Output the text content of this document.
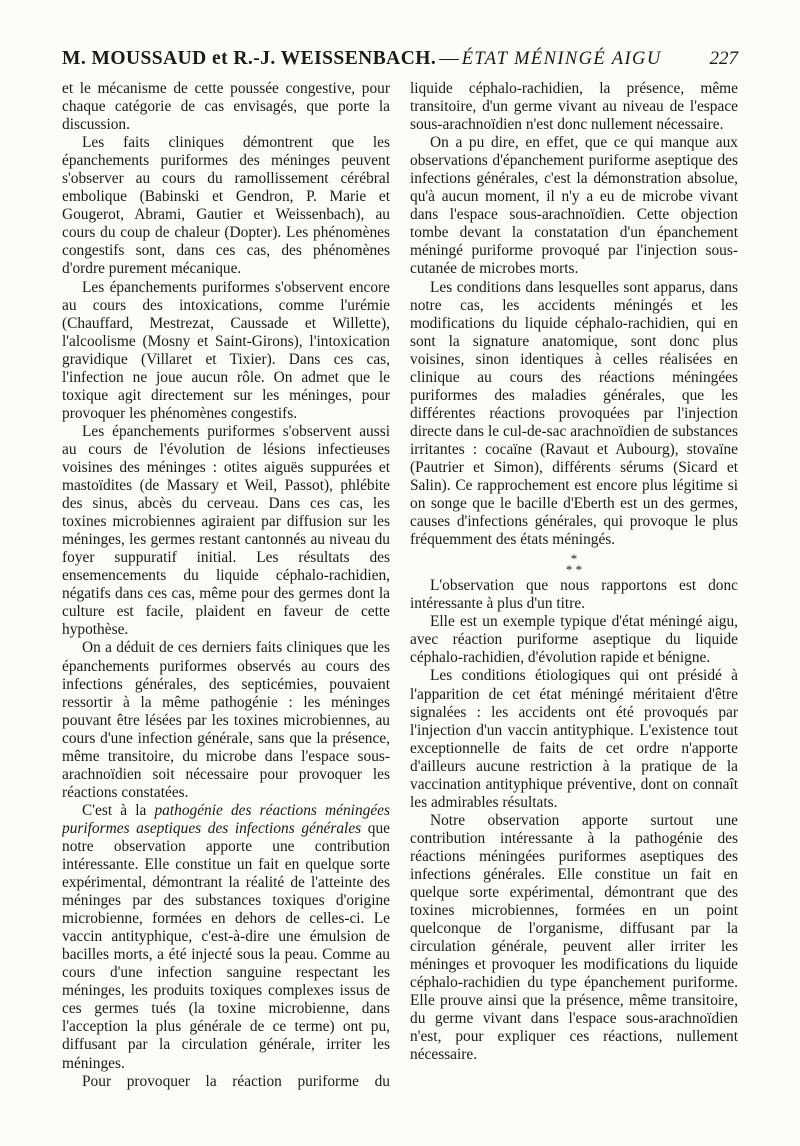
M. MOUSSAUD et R.-J. WEISSENBACH. — ÉTAT MÉNINGÉ AIGU	227

et le mécanisme de cette poussée congestive, pour chaque catégorie de cas envisagés, que porte la discussion.

Les faits cliniques démontrent que les épanchements puriformes des méninges peuvent s'observer au cours du ramollissement cérébral embolique (Babinski et Gendron, P. Marie et Gougerot, Abrami, Gautier et Weissenbach), au cours du coup de chaleur (Dopter). Les phénomènes congestifs sont, dans ces cas, des phénomènes d'ordre purement mécanique.

Les épanchements puriformes s'observent encore au cours des intoxications, comme l'urémie (Chauffard, Mestrezat, Caussade et Willette), l'alcoolisme (Mosny et Saint-Girons), l'intoxication gravidique (Villaret et Tixier). Dans ces cas, l'infection ne joue aucun rôle. On admet que le toxique agit directement sur les méninges, pour provoquer les phénomènes congestifs.

Les épanchements puriformes s'observent aussi au cours de l'évolution de lésions infectieuses voisines des méninges : otites aiguës suppurées et mastoïdites (de Massary et Weil, Passot), phlébite des sinus, abcès du cerveau. Dans ces cas, les toxines microbiennes agiraient par diffusion sur les méninges, les germes restant cantonnés au niveau du foyer suppuratif initial. Les résultats des ensemencements du liquide céphalo-rachidien, négatifs dans ces cas, même pour des germes dont la culture est facile, plaident en faveur de cette hypothèse.

On a déduit de ces derniers faits cliniques que les épanchements puriformes observés au cours des infections générales, des septicémies, pouvaient ressortir à la même pathogénie : les méninges pouvant être lésées par les toxines microbiennes, au cours d'une infection générale, sans que la présence, même transitoire, du microbe dans l'espace sous-arachnoïdien soit nécessaire pour provoquer les réactions constatées.

C'est à la pathogénie des réactions méningées puriformes aseptiques des infections générales que notre observation apporte une contribution intéressante. Elle constitue un fait en quelque sorte expérimental, démontrant la réalité de l'atteinte des méninges par des substances toxiques d'origine microbienne, formées en dehors de celles-ci. Le vaccin antityphique, c'est-à-dire une émulsion de bacilles morts, a été injecté sous la peau. Comme au cours d'une infection sanguine respectant les méninges, les produits toxiques complexes issus de ces germes tués (la toxine microbienne, dans l'acception la plus générale de ce terme) ont pu, diffusant par la circulation générale, irriter les méninges.

Pour provoquer la réaction puriforme du

liquide céphalo-rachidien, la présence, même transitoire, d'un germe vivant au niveau de l'espace sous-arachnoïdien n'est donc nullement nécessaire.

On a pu dire, en effet, que ce qui manque aux observations d'épanchement puriforme aseptique des infections générales, c'est la démonstration absolue, qu'à aucun moment, il n'y a eu de microbe vivant dans l'espace sous-arachnoïdien. Cette objection tombe devant la constatation d'un épanchement méningé puriforme provoqué par l'injection sous-cutanée de microbes morts.

Les conditions dans lesquelles sont apparus, dans notre cas, les accidents méningés et les modifications du liquide céphalo-rachidien, qui en sont la signature anatomique, sont donc plus voisines, sinon identiques à celles réalisées en clinique au cours des réactions méningées puriformes des maladies générales, que les différentes réactions provoquées par l'injection directe dans le cul-de-sac arachnoïdien de substances irritantes : cocaïne (Ravaut et Aubourg), stovaïne (Pautrier et Simon), différents sérums (Sicard et Salin). Ce rapprochement est encore plus légitime si on songe que le bacille d'Eberth est un des germes, causes d'infections générales, qui provoque le plus fréquemment des états méningés.

*
* *

L'observation que nous rapportons est donc intéressante à plus d'un titre.

Elle est un exemple typique d'état méningé aigu, avec réaction puriforme aseptique du liquide céphalo-rachidien, d'évolution rapide et bénigne.

Les conditions étiologiques qui ont présidé à l'apparition de cet état méningé méritaient d'être signalées : les accidents ont été provoqués par l'injection d'un vaccin antityphique. L'existence tout exceptionnelle de faits de cet ordre n'apporte d'ailleurs aucune restriction à la pratique de la vaccination antityphique préventive, dont on connaît les admirables résultats.

Notre observation apporte surtout une contribution intéressante à la pathogénie des réactions méningées puriformes aseptiques des infections générales. Elle constitue un fait en quelque sorte expérimental, démontrant que des toxines microbiennes, formées en un point quelconque de l'organisme, diffusant par la circulation générale, peuvent aller irriter les méninges et provoquer les modifications du liquide céphalo-rachidien du type épanchement puriforme. Elle prouve ainsi que la présence, même transitoire, du germe vivant dans l'espace sous-arachnoïdien n'est, pour expliquer ces réactions, nullement nécessaire.
